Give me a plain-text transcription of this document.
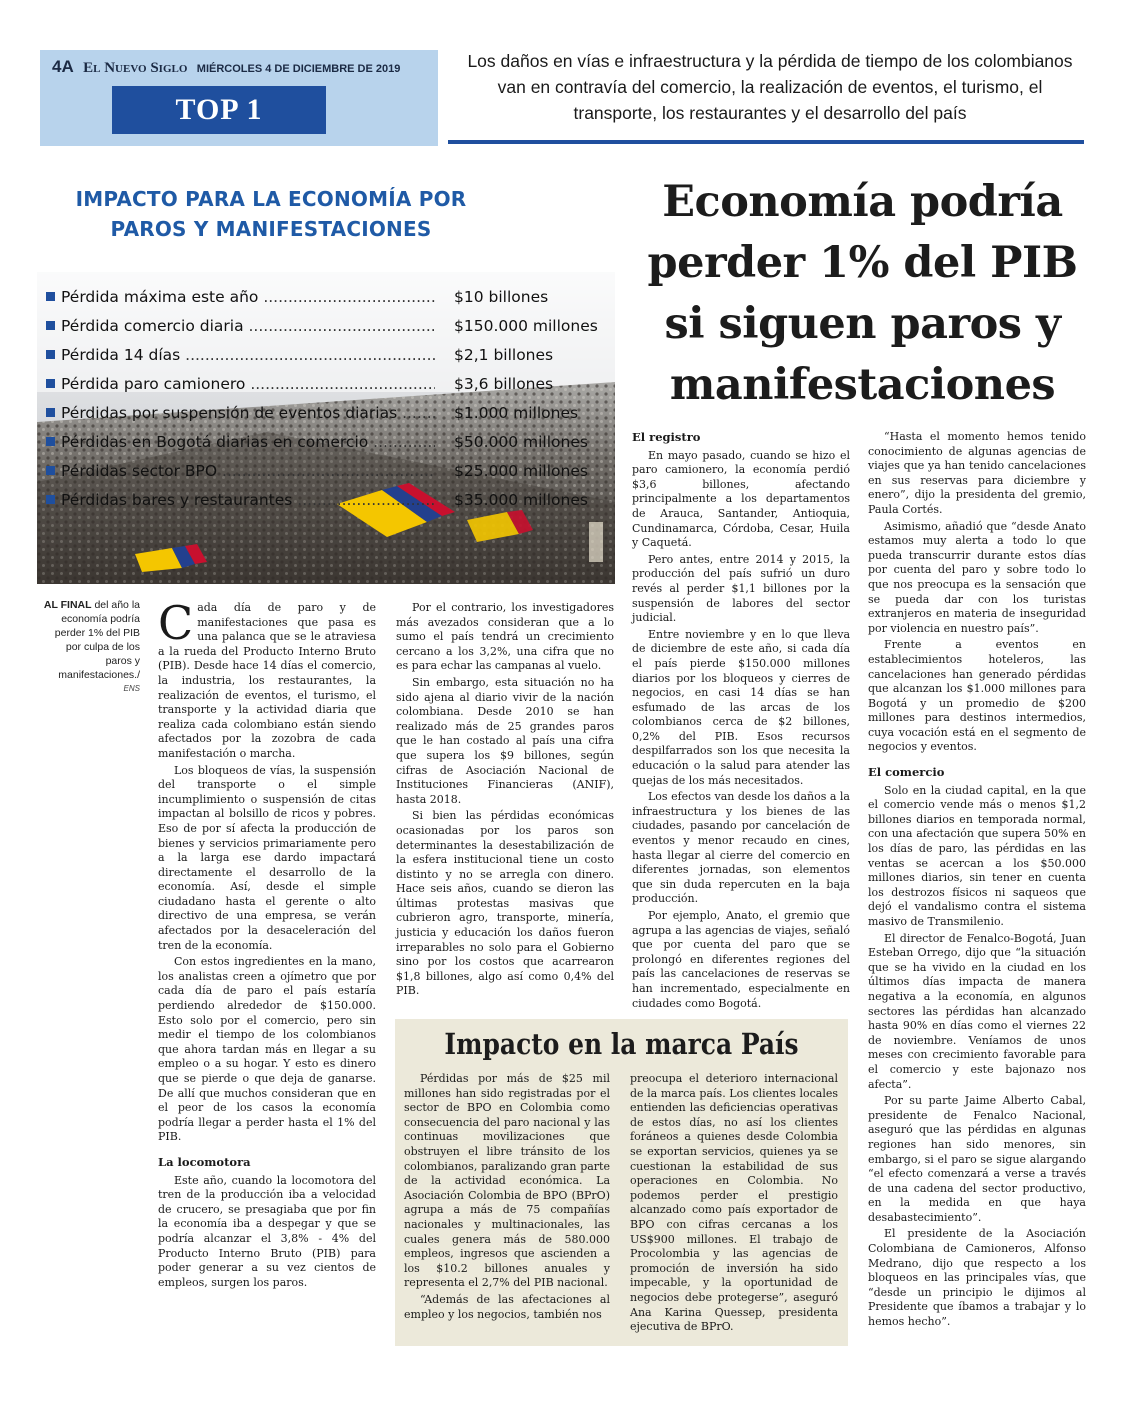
4A El Nuevo Siglo MIÉRCOLES 4 DE DICIEMBRE DE 2019
TOP 1
Los daños en vías e infraestructura y la pérdida de tiempo de los colombianos van en contravía del comercio, la realización de eventos, el turismo, el transporte, los restaurantes y el desarrollo del país
IMPACTO PARA LA ECONOMÍA POR PAROS Y MANIFESTACIONES
Pérdida máxima este año .....	$10 billones
Pérdida comercio diaria .....	$150.000 millones
Pérdida 14 días .....	$2,1 billones
Pérdida paro camionero .....	$3,6 billones
Pérdidas por suspensión de eventos diarias .....	$1.000 millones
Pérdidas en Bogotá diarias en comercio .....	$50.000 millones
Pérdidas sector BPO .....	$25.000 millones
Pérdidas bares y restaurantes .....	$35.000 millones
Economía podría perder 1% del PIB si siguen paros y manifestaciones
AL FINAL del año la economía podría perder 1% del PIB por culpa de los paros y manifestaciones./
ENS

Cada día de paro y de manifestaciones que pasa es una palanca que se le atraviesa a la rueda del Producto Interno Bruto (PIB). Desde hace 14 días el comercio, la industria, los restaurantes, la realización de eventos, el turismo, el transporte y la actividad diaria que realiza cada colombiano están siendo afectados por la zozobra de cada manifestación o marcha.

Los bloqueos de vías, la suspensión del transporte o el simple incumplimiento o suspensión de citas impactan al bolsillo de ricos y pobres. Eso de por sí afecta la producción de bienes y servicios primariamente pero a la larga ese dardo impactará directamente el desarrollo de la economía. Así, desde el simple ciudadano hasta el gerente o alto directivo de una empresa, se verán afectados por la desaceleración del tren de la economía.

Con estos ingredientes en la mano, los analistas creen a ojímetro que por cada día de paro el país estaría perdiendo alrededor de $150.000. Esto solo por el comercio, pero sin medir el tiempo de los colombianos que ahora tardan más en llegar a su empleo o a su hogar. Y esto es dinero que se pierde o que deja de ganarse. De allí que muchos consideran que en el peor de los casos la economía podría llegar a perder hasta el 1% del PIB.

La locomotora

Este año, cuando la locomotora del tren de la producción iba a velocidad de crucero, se presagiaba que por fin la economía iba a despegar y que se podría alcanzar el 3,8% - 4% del Producto Interno Bruto (PIB) para poder generar a su vez cientos de empleos, surgen los paros.

Por el contrario, los investigadores más avezados consideran que a lo sumo el país tendrá un crecimiento cercano a los 3,2%, una cifra que no es para echar las campanas al vuelo.

Sin embargo, esta situación no ha sido ajena al diario vivir de la nación colombiana. Desde 2010 se han realizado más de 25 grandes paros que le han costado al país una cifra que supera los $9 billones, según cifras de Asociación Nacional de Instituciones Financieras (ANIF), hasta 2018.

Si bien las pérdidas económicas ocasionadas por los paros son determinantes la desestabilización de la esfera institucional tiene un costo distinto y no se arregla con dinero. Hace seis años, cuando se dieron las últimas protestas masivas que cubrieron agro, transporte, minería, justicia y educación los daños fueron irreparables no solo para el Gobierno sino por los costos que acarrearon $1,8 billones, algo así como 0,4% del PIB.

El registro

En mayo pasado, cuando se hizo el paro camionero, la economía perdió $3,6 billones, afectando principalmente a los departamentos de Arauca, Santander, Antioquia, Cundinamarca, Córdoba, Cesar, Huila y Caquetá.

Pero antes, entre 2014 y 2015, la producción del país sufrió un duro revés al perder $1,1 billones por la suspensión de labores del sector judicial.

Entre noviembre y en lo que lleva de diciembre de este año, si cada día el país pierde $150.000 millones diarios por los bloqueos y cierres de negocios, en casi 14 días se han esfumado de las arcas de los colombianos cerca de $2 billones, 0,2% del PIB. Esos recursos despilfarrados son los que necesita la educación o la salud para atender las quejas de los más necesitados.

Los efectos van desde los daños a la infraestructura y los bienes de las ciudades, pasando por cancelación de eventos y menor recaudo en cines, hasta llegar al cierre del comercio en diferentes jornadas, son elementos que sin duda repercuten en la baja producción.

Por ejemplo, Anato, el gremio que agrupa a las agencias de viajes, señaló que por cuenta del paro que se prolongó en diferentes regiones del país las cancelaciones de reservas se han incrementado, especialmente en ciudades como Bogotá.

“Hasta el momento hemos tenido conocimiento de algunas agencias de viajes que ya han tenido cancelaciones en sus reservas para diciembre y enero”, dijo la presidenta del gremio, Paula Cortés.

Asimismo, añadió que “desde Anato estamos muy alerta a todo lo que pueda transcurrir durante estos días por cuenta del paro y sobre todo lo que nos preocupa es la sensación que se pueda dar con los turistas extranjeros en materia de inseguridad por violencia en nuestro país”.

Frente a eventos en establecimientos hoteleros, las cancelaciones han generado pérdidas que alcanzan los $1.000 millones para Bogotá y un promedio de $200 millones para destinos intermedios, cuya vocación está en el segmento de negocios y eventos.

El comercio

Solo en la ciudad capital, en la que el comercio vende más o menos $1,2 billones diarios en temporada normal, con una afectación que supera 50% en los días de paro, las pérdidas en las ventas se acercan a los $50.000 millones diarios, sin tener en cuenta los destrozos físicos ni saqueos que dejó el vandalismo contra el sistema masivo de Transmilenio.

El director de Fenalco-Bogotá, Juan Esteban Orrego, dijo que “la situación que se ha vivido en la ciudad en los últimos días impacta de manera negativa a la economía, en algunos sectores las pérdidas han alcanzado hasta 90% en días como el viernes 22 de noviembre. Veníamos de unos meses con crecimiento favorable para el comercio y este bajonazo nos afecta”.

Por su parte Jaime Alberto Cabal, presidente de Fenalco Nacional, aseguró que las pérdidas en algunas regiones han sido menores, sin embargo, si el paro se sigue alargando “el efecto comenzará a verse a través de una cadena del sector productivo, en la medida en que haya desabastecimiento”.

El presidente de la Asociación Colombiana de Camioneros, Alfonso Medrano, dijo que respecto a los bloqueos en las principales vías, que “desde un principio le dijimos al Presidente que íbamos a trabajar y lo hemos hecho”.

Impacto en la marca País

Pérdidas por más de $25 mil millones han sido registradas por el sector de BPO en Colombia como consecuencia del paro nacional y las continuas movilizaciones que obstruyen el libre tránsito de los colombianos, paralizando gran parte de la actividad económica. La Asociación Colombia de BPO (BPrO) agrupa a más de 75 compañías nacionales y multinacionales, las cuales genera más de 580.000 empleos, ingresos que ascienden a los $10.2 billones anuales y representa el 2,7% del PIB nacional.

“Además de las afectaciones al empleo y los negocios, también nos

preocupa el deterioro internacional de la marca país. Los clientes locales entienden las deficiencias operativas de estos días, no así los clientes foráneos a quienes desde Colombia se exportan servicios, quienes ya se cuestionan la estabilidad de sus operaciones en Colombia. No podemos perder el prestigio alcanzado como país exportador de BPO con cifras cercanas a los US$900 millones. El trabajo de Procolombia y las agencias de promoción de inversión ha sido impecable, y la oportunidad de negocios debe protegerse”, aseguró Ana Karina Quessep, presidenta ejecutiva de BPrO.
